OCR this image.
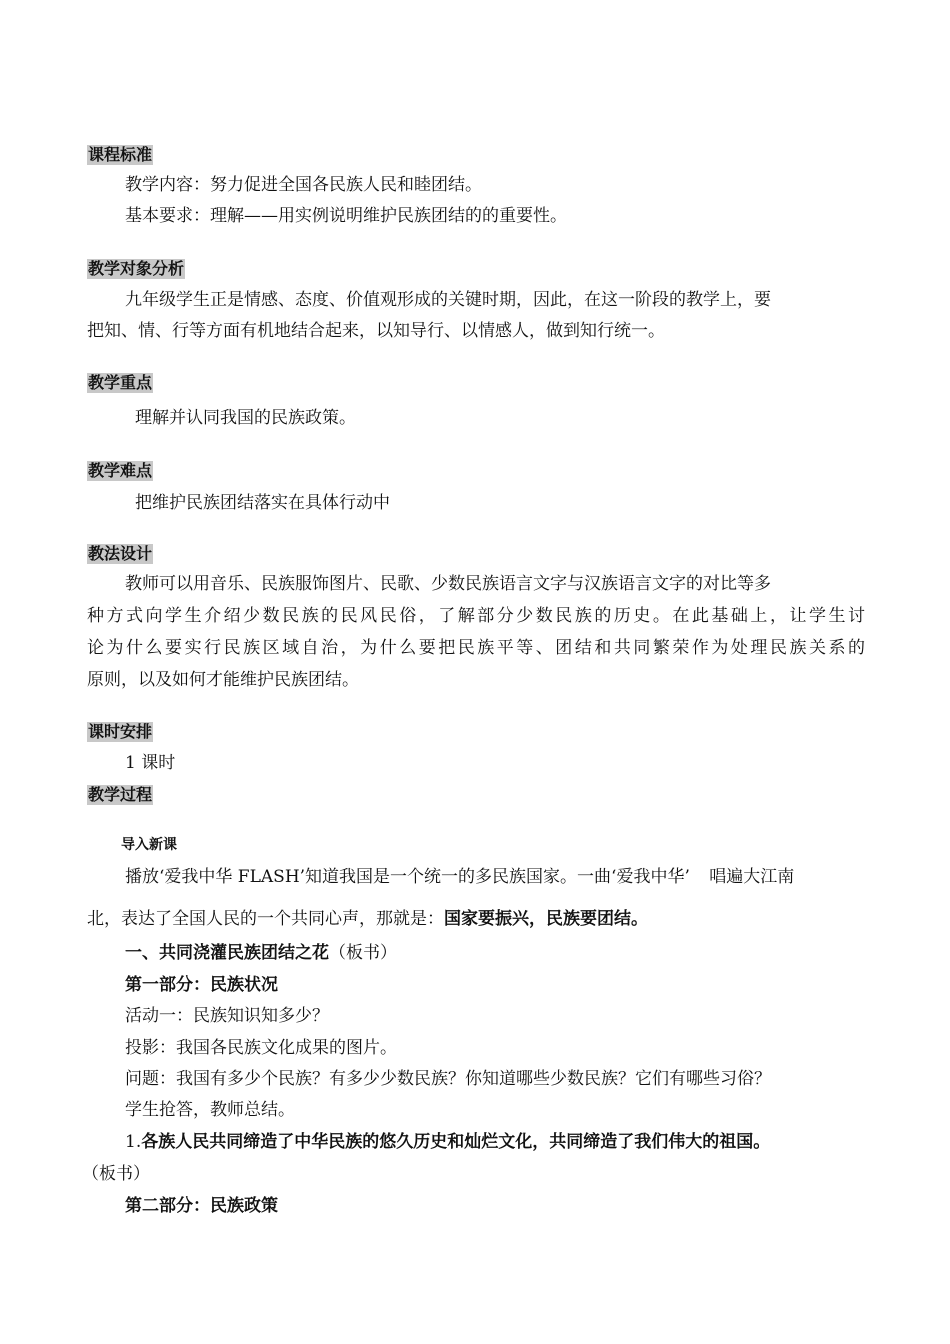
课程标准
教学内容：努力促进全国各民族人民和睦团结。
基本要求：理解——用实例说明维护民族团结的的重要性。
教学对象分析
九年级学生正是情感、态度、价值观形成的关键时期，因此，在这一阶段的教学上，要
把知、情、行等方面有机地结合起来，以知导行、以情感人，做到知行统一。
教学重点
理解并认同我国的民族政策。
教学难点
把维护民族团结落实在具体行动中
教法设计
教师可以用音乐、民族服饰图片、民歌、少数民族语言文字与汉族语言文字的对比等多
种方式向学生介绍少数民族的民风民俗，了解部分少数民族的历史。在此基础上，让学生讨
论为什么要实行民族区域自治，为什么要把民族平等、团结和共同繁荣作为处理民族关系的
原则，以及如何才能维护民族团结。
课时安排
1 课时
教学过程
导入新课
播放‘爱我中华 FLASH’知道我国是一个统一的多民族国家。一曲‘爱我中华’ 唱遍大江南
北，表达了全国人民的一个共同心声，那就是：国家要振兴，民族要团结。
一、共同浇灌民族团结之花（板书）
第一部分：民族状况
活动一：民族知识知多少？
投影：我国各民族文化成果的图片。
问题：我国有多少个民族？有多少少数民族？你知道哪些少数民族？它们有哪些习俗？
学生抢答，教师总结。
1.各族人民共同缔造了中华民族的悠久历史和灿烂文化，共同缔造了我们伟大的祖国。
（板书）
第二部分：民族政策
